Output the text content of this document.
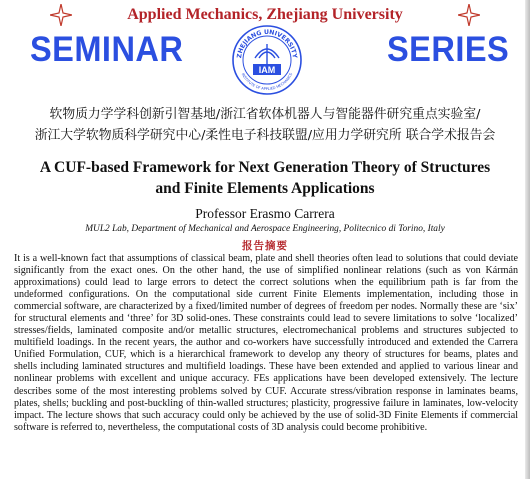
Applied Mechanics, Zhejiang University
SEMINAR	SERIES
ZHEJIANG UNIVERSITY
INSTITUTE OF APPLIED MECHANICS
IAM
软物质力学学科创新引智基地/浙江省软体机器人与智能器件研究重点实验室/
浙江大学软物质科学研究中心/柔性电子科技联盟/应用力学研究所 联合学术报告会
A CUF-based Framework for Next Generation Theory of Structures
and Finite Elements Applications
Professor Erasmo Carrera
MUL2 Lab, Department of Mechanical and Aerospace Engineering, Politecnico di Torino, Italy
报告摘要
It is a well-known fact that assumptions of classical beam, plate and shell theories often lead to solutions that could deviate significantly from the exact ones. On the other hand, the use of simplified nonlinear relations (such as von Kármán approximations) could lead to large errors to detect the correct solutions when the equilibrium path is far from the undeformed configurations. On the computational side current Finite Elements implementation, including those in commercial software, are characterized by a fixed/limited number of degrees of freedom per nodes. Normally these are ‘six’ for structural elements and ‘three’ for 3D solid-ones. These constraints could lead to severe limitations to solve ‘localized’ stresses/fields, laminated composite and/or metallic structures, electromechanical problems and structures subjected to multifield loadings. In the recent years, the author and co-workers have successfully introduced and extended the Carrera Unified Formulation, CUF, which is a hierarchical framework to develop any theory of structures for beams, plates and shells including laminated structures and multifield loadings. These have been extended and applied to various linear and nonlinear problems with excellent and unique accuracy. FEs applications have been developed extensively. The lecture describes some of the most interesting problems solved by CUF. Accurate stress/vibration response in laminates beams, plates, shells; buckling and post-buckling of thin-walled structures; plasticity, progressive failure in laminates, low-velocity impact. The lecture shows that such accuracy could only be achieved by the use of solid-3D Finite Elements if commercial software is referred to, nevertheless, the computational costs of 3D analysis could become prohibitive.
